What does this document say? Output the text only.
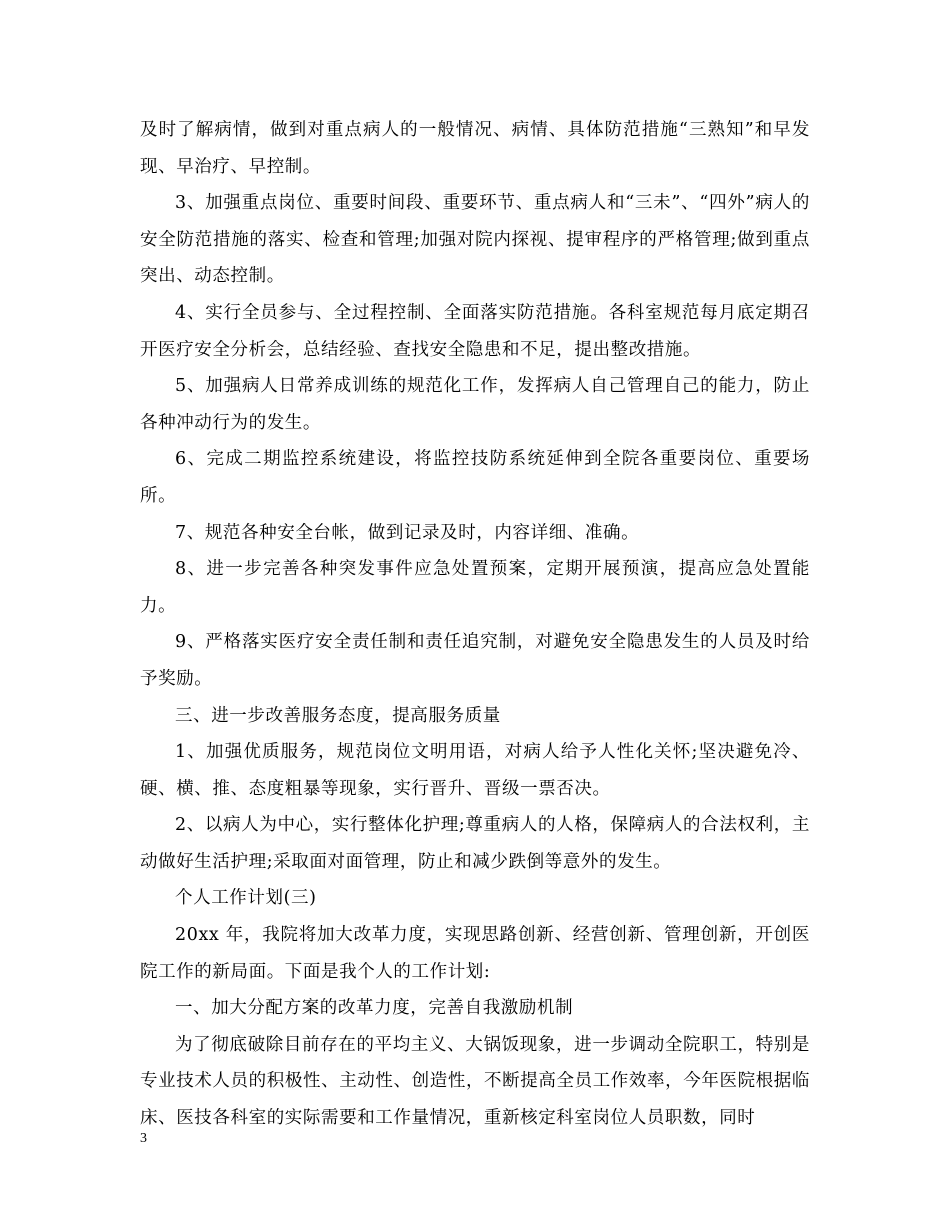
及时了解病情，做到对重点病人的一般情况、病情、具体防范措施“三熟知”和早发现、早治疗、早控制。

3、加强重点岗位、重要时间段、重要环节、重点病人和“三未”、“四外”病人的安全防范措施的落实、检查和管理;加强对院内探视、提审程序的严格管理;做到重点突出、动态控制。

4、实行全员参与、全过程控制、全面落实防范措施。各科室规范每月底定期召开医疗安全分析会，总结经验、查找安全隐患和不足，提出整改措施。

5、加强病人日常养成训练的规范化工作，发挥病人自己管理自己的能力，防止各种冲动行为的发生。

6、完成二期监控系统建设，将监控技防系统延伸到全院各重要岗位、重要场所。

7、规范各种安全台帐，做到记录及时，内容详细、准确。

8、进一步完善各种突发事件应急处置预案，定期开展预演，提高应急处置能力。

9、严格落实医疗安全责任制和责任追究制，对避免安全隐患发生的人员及时给予奖励。

三、进一步改善服务态度，提高服务质量

1、加强优质服务，规范岗位文明用语，对病人给予人性化关怀;坚决避免冷、硬、横、推、态度粗暴等现象，实行晋升、晋级一票否决。

2、以病人为中心，实行整体化护理;尊重病人的人格，保障病人的合法权利，主动做好生活护理;采取面对面管理，防止和减少跌倒等意外的发生。

个人工作计划(三)

20xx 年，我院将加大改革力度，实现思路创新、经营创新、管理创新，开创医院工作的新局面。下面是我个人的工作计划:

一、加大分配方案的改革力度，完善自我激励机制

为了彻底破除目前存在的平均主义、大锅饭现象，进一步调动全院职工，特别是专业技术人员的积极性、主动性、创造性，不断提高全员工作效率，今年医院根据临床、医技各科室的实际需要和工作量情况，重新核定科室岗位人员职数，同时

3
